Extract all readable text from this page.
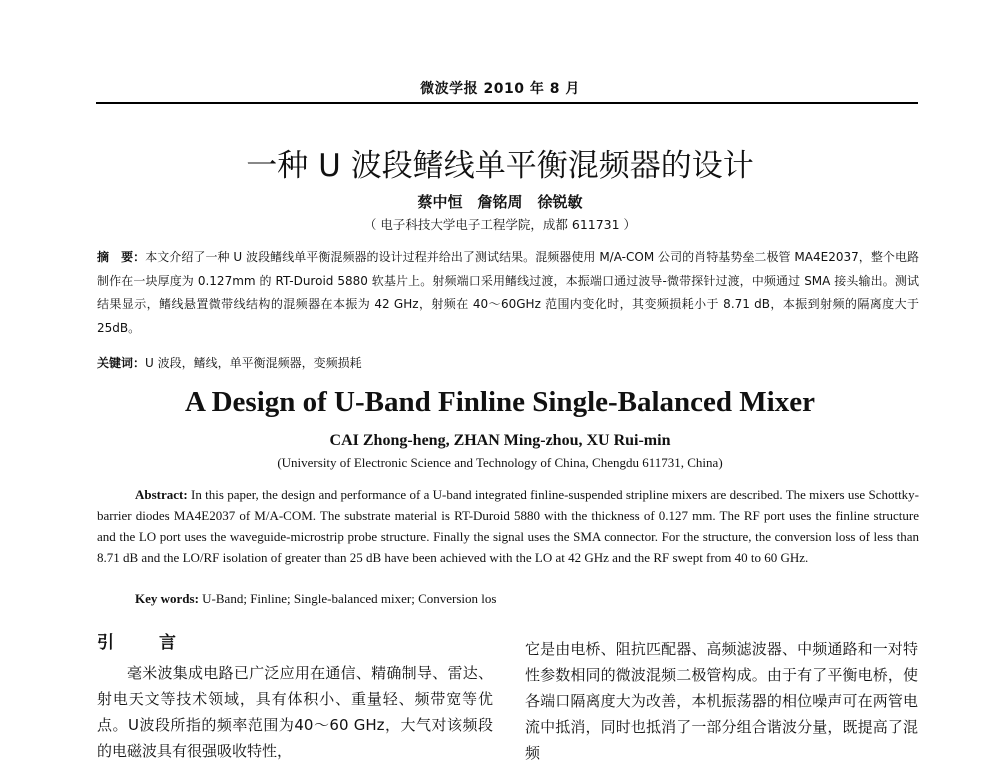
微波学报 2010 年 8 月
一种 U 波段鳍线单平衡混频器的设计
蔡中恒　詹铭周　徐锐敏
（ 电子科技大学电子工程学院，成都 611731 ）
摘　要：本文介绍了一种 U 波段鳍线单平衡混频器的设计过程并给出了测试结果。混频器使用 M/A-COM 公司的肖特基势垒二极管 MA4E2037，整个电路制作在一块厚度为 0.127mm 的 RT-Duroid 5880 软基片上。射频端口采用鳍线过渡，本振端口通过波导-微带探针过渡，中频通过 SMA 接头输出。测试结果显示，鳍线悬置微带线结构的混频器在本振为 42 GHz，射频在 40～60GHz 范围内变化时，其变频损耗小于 8.71 dB，本振到射频的隔离度大于 25dB。
关键词：U 波段，鳍线，单平衡混频器，变频损耗
A Design of U-Band Finline Single-Balanced Mixer
CAI Zhong-heng, ZHAN Ming-zhou, XU Rui-min
(University of Electronic Science and Technology of China, Chengdu 611731, China)
Abstract: In this paper, the design and performance of a U-band integrated finline-suspended stripline mixers are described. The mixers use Schottky-barrier diodes MA4E2037 of M/A-COM. The substrate material is RT-Duroid 5880 with the thickness of 0.127 mm. The RF port uses the finline structure and the LO port uses the waveguide-microstrip probe structure. Finally the signal uses the SMA connector. For the structure, the conversion loss of less than 8.71 dB and the LO/RF isolation of greater than 25 dB have been achieved with the LO at 42 GHz and the RF swept from 40 to 60 GHz.
Key words: U-Band; Finline; Single-balanced mixer; Conversion los
引　言
毫米波集成电路已广泛应用在通信、精确制导、雷达、射电天文等技术领域，具有体积小、重量轻、频带宽等优点。U波段所指的频率范围为40～60 GHz，大气对该频段的电磁波具有很强吸收特性，
它是由电桥、阻抗匹配器、高频滤波器、中频通路和一对特性参数相同的微波混频二极管构成。由于有了平衡电桥，使各端口隔离度大为改善，本机振荡器的相位噪声可在两管电流中抵消，同时也抵消了一部分组合谐波分量，既提高了混频
